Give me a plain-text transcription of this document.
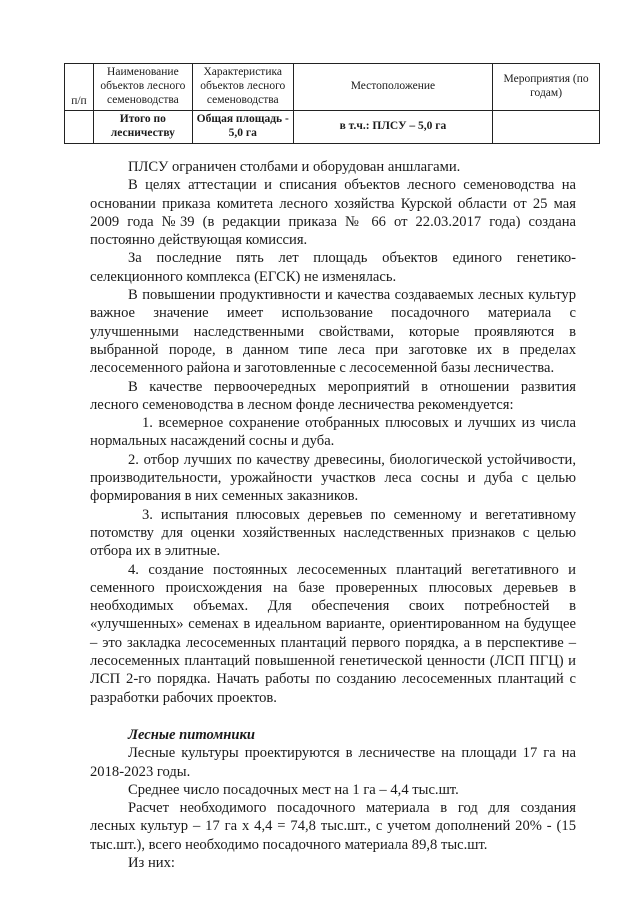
п/п	Наименование объектов лесного семеноводства	Характеристика объектов лесного семеноводства	Местоположение	Мероприятия (по годам)
	Итого по лесничеству	Общая площадь - 5,0 га	в т.ч.: ПЛСУ – 5,0 га	

ПЛСУ ограничен столбами и оборудован аншлагами.

В целях аттестации и списания объектов лесного семеноводства на основании приказа комитета лесного хозяйства Курской области от 25 мая 2009 года №39 (в редакции приказа № 66 от 22.03.2017 года) создана постоянно действующая комиссия.

За последние пять лет площадь объектов единого генетико-селекционного комплекса (ЕГСК) не изменялась.

В повышении продуктивности и качества создаваемых лесных культур важное значение имеет использование посадочного материала с улучшенными наследственными свойствами, которые проявляются в выбранной породе, в данном типе леса при заготовке их в пределах лесосеменного района и заготовленные с лесосеменной базы лесничества.

В качестве первоочередных мероприятий в отношении развития лесного семеноводства в лесном фонде лесничества рекомендуется:

1. всемерное сохранение отобранных плюсовых и лучших из числа нормальных насаждений сосны и дуба.

2. отбор лучших по качеству древесины, биологической устойчивости, производительности, урожайности участков леса сосны и дуба с целью формирования в них семенных заказников.

3. испытания плюсовых деревьев по семенному и вегетативному потомству для оценки хозяйственных наследственных признаков с целью отбора их в элитные.

4. создание постоянных лесосеменных плантаций вегетативного и семенного происхождения на базе проверенных плюсовых деревьев в необходимых объемах. Для обеспечения своих потребностей в «улучшенных» семенах в идеальном варианте, ориентированном на будущее – это закладка лесосеменных плантаций первого порядка, а в перспективе – лесосеменных плантаций повышенной генетической ценности (ЛСП ПГЦ) и ЛСП 2-го порядка. Начать работы по созданию лесосеменных плантаций с разработки рабочих проектов.

Лесные питомники

Лесные культуры проектируются в лесничестве на площади 17 га на 2018-2023 годы.

Среднее число посадочных мест на 1 га – 4,4 тыс.шт.

Расчет необходимого посадочного материала в год для создания лесных культур – 17 га х 4,4 = 74,8 тыс.шт., с учетом дополнений 20% - (15 тыс.шт.), всего необходимо посадочного материала 89,8 тыс.шт.

Из них:
